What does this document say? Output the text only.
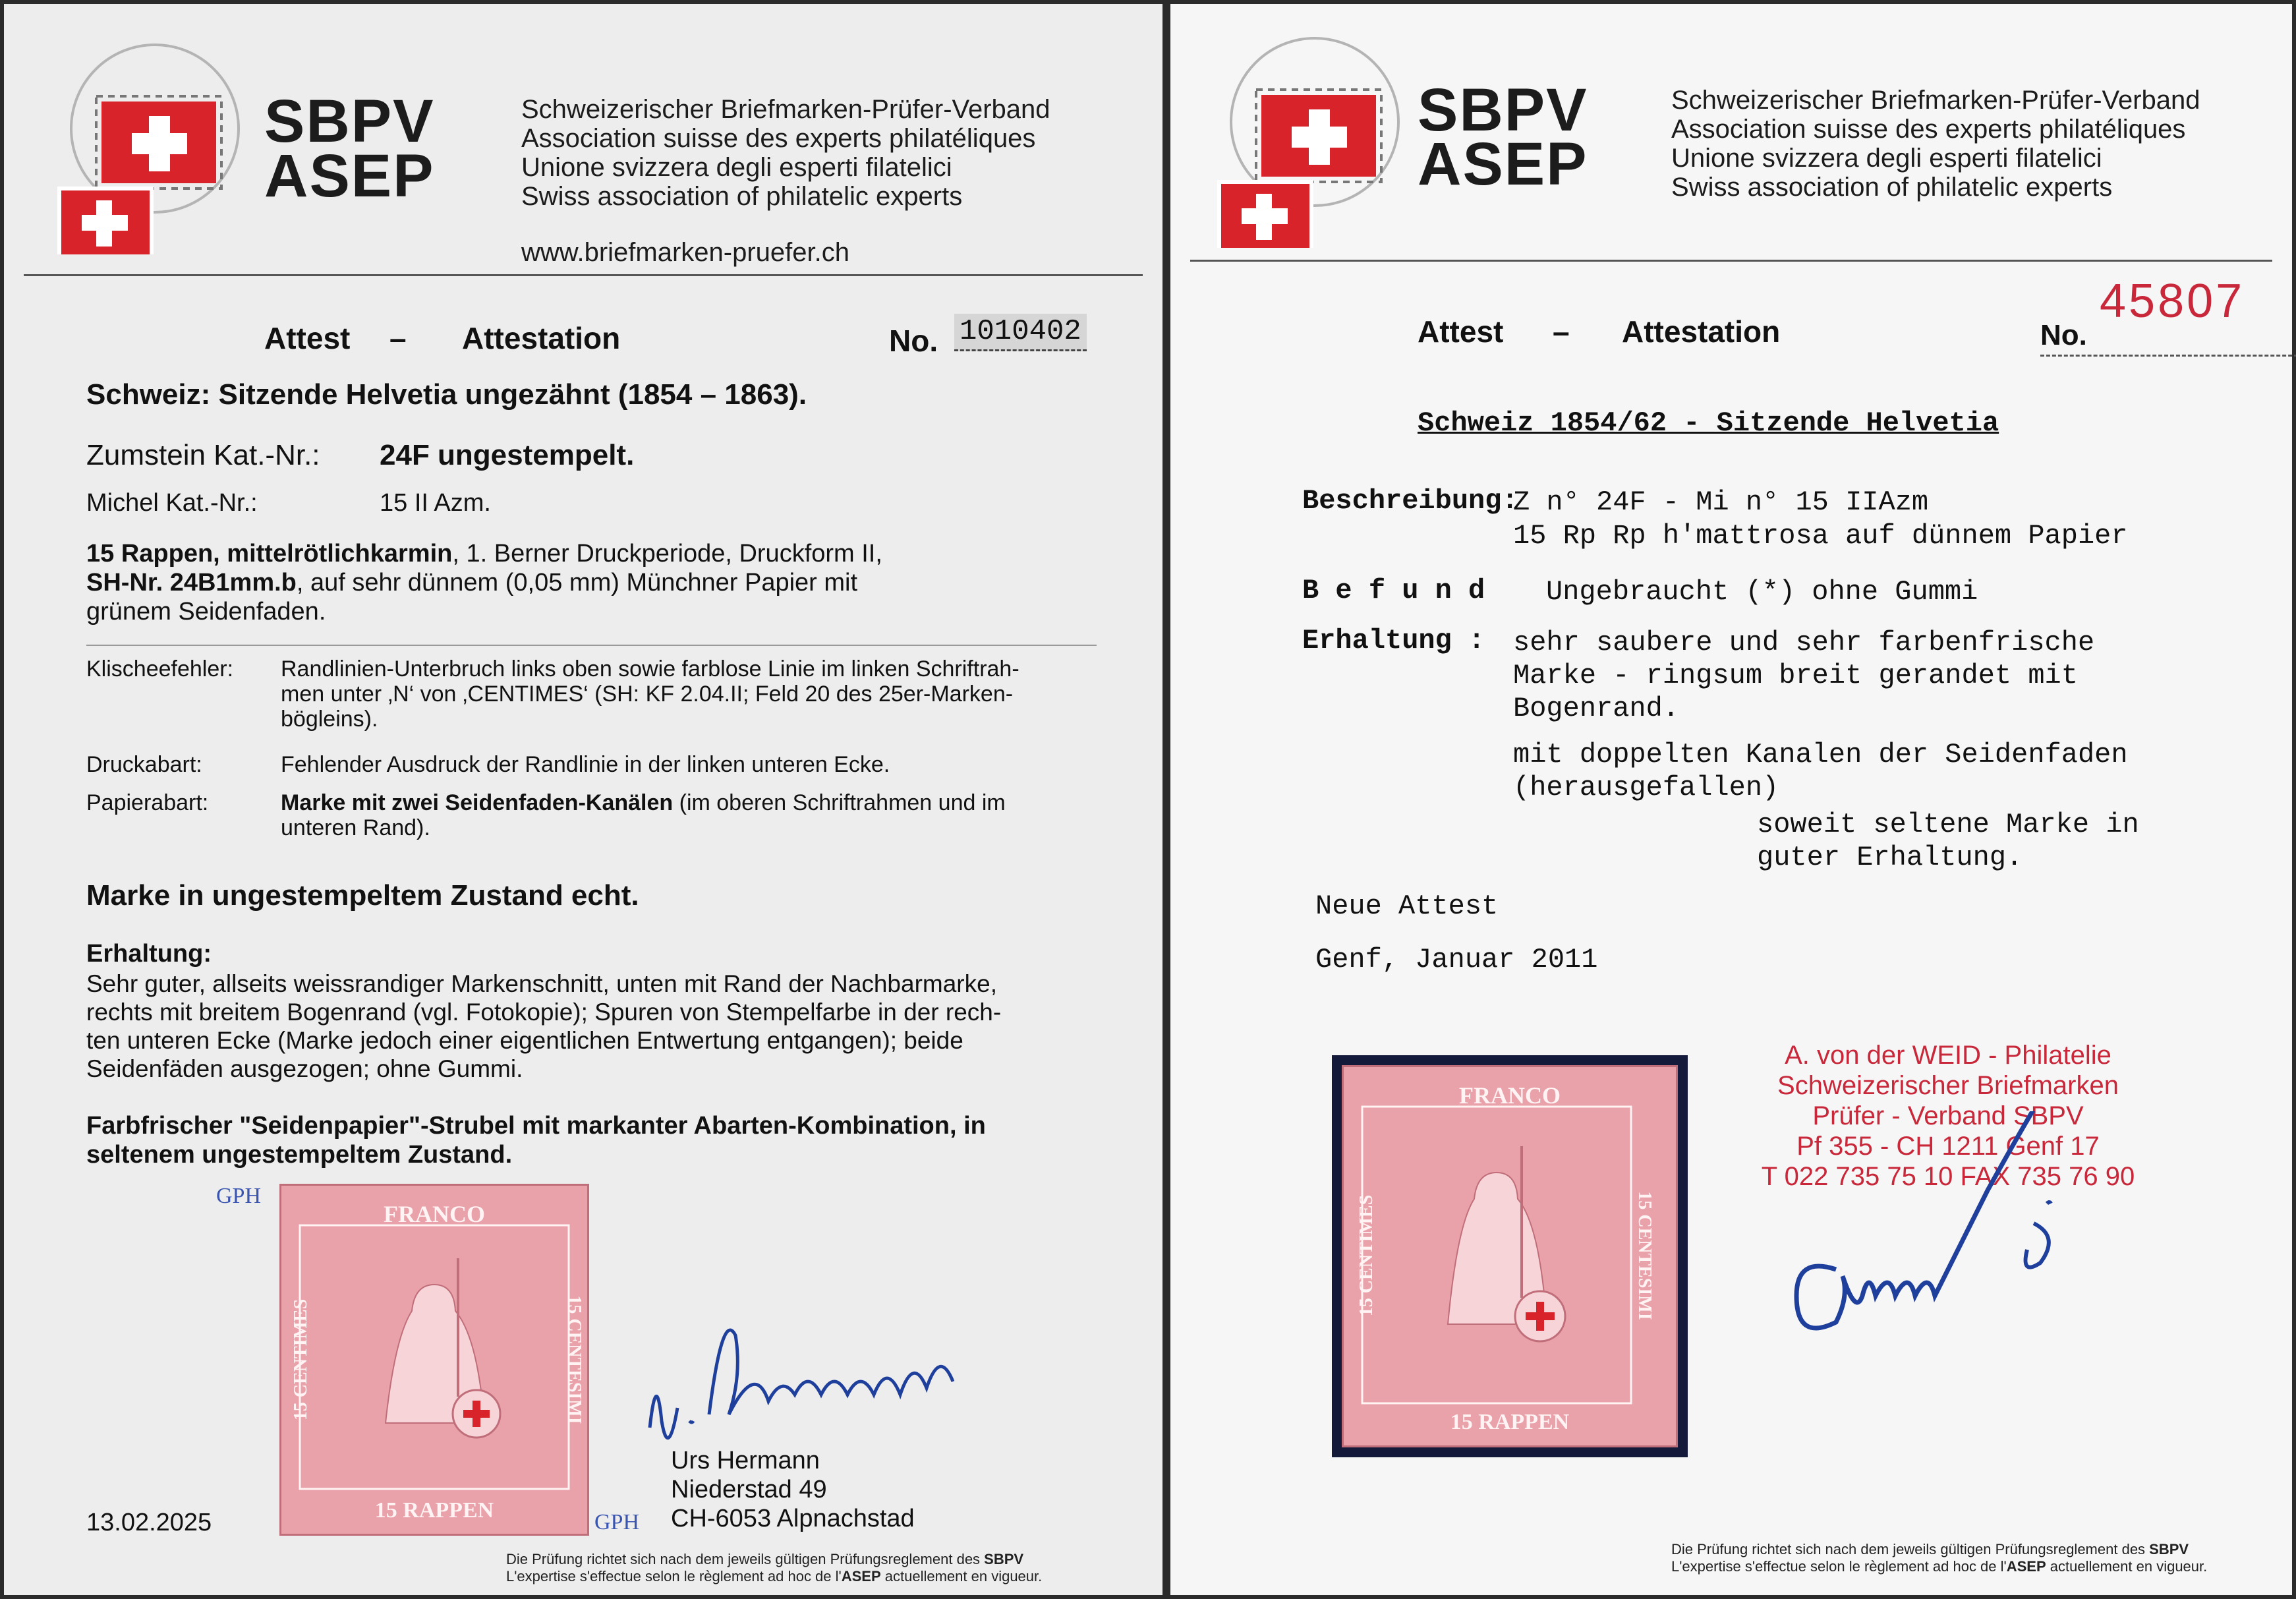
SBPV
ASEP
Schweizerischer Briefmarken-Prüfer-Verband
Association suisse des experts philatéliques
Unione svizzera degli esperti filatelici
Swiss association of philatelic experts
www.briefmarken-pruefer.ch
Attest – Attestation	No. 1010402
Schweiz: Sitzende Helvetia ungezähnt (1854 – 1863).
Zumstein Kat.-Nr.: 24F ungestempelt.
Michel Kat.-Nr.:	15 II Azm.
15 Rappen, mittelrötlichkarmin, 1. Berner Druckperiode, Druckform II,
SH-Nr. 24B1mm.b, auf sehr dünnem (0,05 mm) Münchner Papier mit
grünem Seidenfaden.
Klischeefehler: Randlinien-Unterbruch links oben sowie farblose Linie im linken Schriftrah-
men unter ‚N‘ von ‚CENTIMES‘ (SH: KF 2.04.II; Feld 20 des 25er-Marken-
bögleins).
Druckabart:	Fehlender Ausdruck der Randlinie in der linken unteren Ecke.
Papierabart:	Marke mit zwei Seidenfaden-Kanälen (im oberen Schriftrahmen und im
unteren Rand).
Marke in ungestempeltem Zustand echt.
Erhaltung:
Sehr guter, allseits weissrandiger Markenschnitt, unten mit Rand der Nachbarmarke,
rechts mit breitem Bogenrand (vgl. Fotokopie); Spuren von Stempelfarbe in der rech-
ten unteren Ecke (Marke jedoch einer eigentlichen Entwertung entgangen); beide
Seidenfäden ausgezogen; ohne Gummi.
Farbfrischer "Seidenpapier"-Strubel mit markanter Abarten-Kombination, in
seltenem ungestempeltem Zustand.
GPH
FRANCO
15 RAPPEN
15 CENTIMES	15 CENTESIMI
GPH
Urs Hermann
Niederstad 49
CH-6053 Alpnachstad
13.02.2025
Die Prüfung richtet sich nach dem jeweils gültigen Prüfungsreglement des SBPV
L'expertise s'effectue selon le règlement ad hoc de l'ASEP actuellement en vigueur.
SBPV
ASEP
Schweizerischer Briefmarken-Prüfer-Verband
Association suisse des experts philatéliques
Unione svizzera degli esperti filatelici
Swiss association of philatelic experts
Attest – Attestation	No.
45807
Schweiz 1854/62 - Sitzende Helvetia
Beschreibung:
Z n° 24F - Mi n° 15 IIAzm
15 Rp Rp h'mattrosa auf dünnem Papier
B e f u n d Ungebraucht (*) ohne Gummi
Erhaltung : sehr saubere und sehr farbenfrische
Marke - ringsum breit gerandet mit
Bogenrand.
mit doppelten Kanalen der Seidenfaden
(herausgefallen)
soweit seltene Marke in
guter Erhaltung.
Neue Attest
Genf, Januar 2011
FRANCO
15 RAPPEN
15 CENTIMES	15 CENTESIMI
A. von der WEID - Philatelie
Schweizerischer Briefmarken
Prüfer - Verband SBPV
Pf 355 - CH 1211 Genf 17
T 022 735 75 10 FAX 735 76 90
Die Prüfung richtet sich nach dem jeweils gültigen Prüfungsreglement des SBPV
L'expertise s'effectue selon le règlement ad hoc de l'ASEP actuellement en vigueur.
